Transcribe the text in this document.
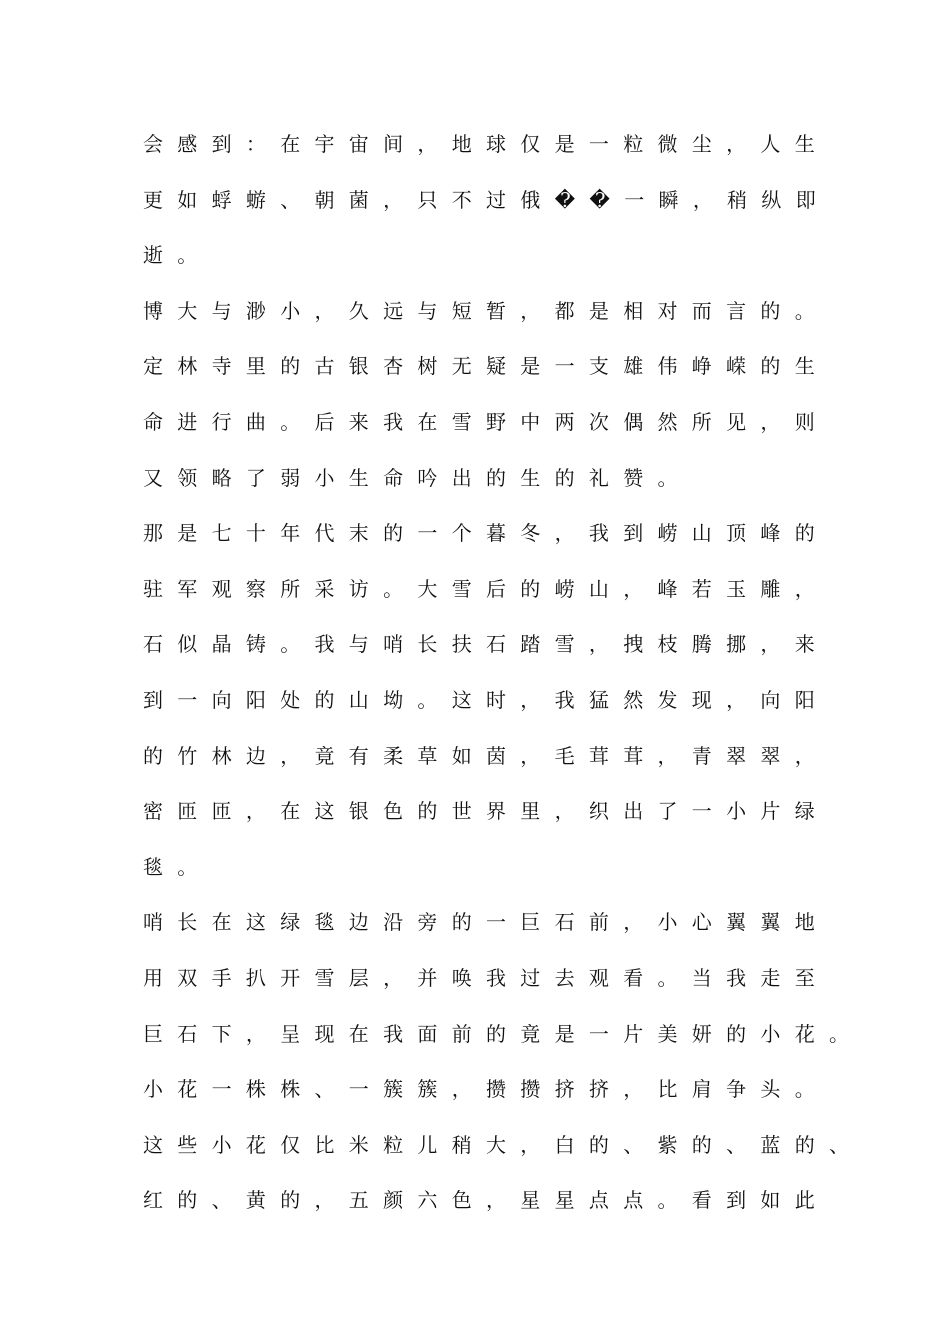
会感到：在宇宙间，地球仅是一粒微尘，人生
更如蜉蝣、朝菌，只不过俄��一瞬，稍纵即
逝。
博大与渺小，久远与短暂，都是相对而言的。
定林寺里的古银杏树无疑是一支雄伟峥嵘的生
命进行曲。后来我在雪野中两次偶然所见，则
又领略了弱小生命吟出的生的礼赞。
那是七十年代末的一个暮冬，我到崂山顶峰的
驻军观察所采访。大雪后的崂山，峰若玉雕，
石似晶铸。我与哨长扶石踏雪，拽枝腾挪，来
到一向阳处的山坳。这时，我猛然发现，向阳
的竹林边，竟有柔草如茵，毛茸茸，青翠翠，
密匝匝，在这银色的世界里，织出了一小片绿
毯。
哨长在这绿毯边沿旁的一巨石前，小心翼翼地
用双手扒开雪层，并唤我过去观看。当我走至
巨石下，呈现在我面前的竟是一片美妍的小花。
小花一株株、一簇簇，攒攒挤挤，比肩争头。
这些小花仅比米粒儿稍大，白的、紫的、蓝的、
红的、黄的，五颜六色，星星点点。看到如此
